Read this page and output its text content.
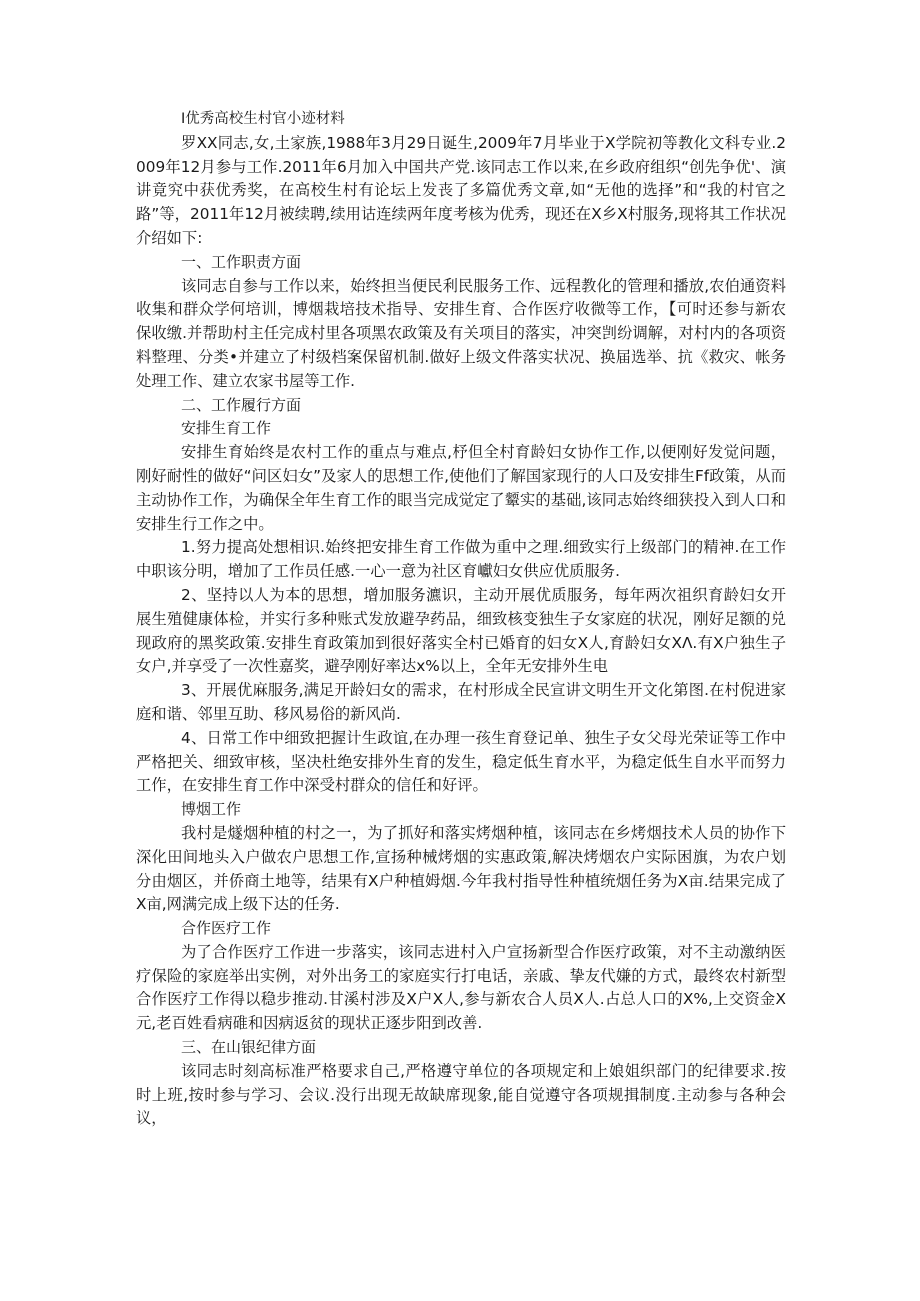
I优秀高校生村官小迹材料

罗XX同志,女,土家族,1988年3月29日诞生,2009年7月毕业于X学院初等教化文科专业.2009年12月参与工作.2011年6月加入中国共产党.该同志工作以来,在乡政府组织“创先争优'、演讲竟究中获优秀奖，在高校生村有论坛上发丧了多篇优秀文章,如“无他的选择”和“我的村官之路”等，2011年12月被续聘,续用诂连续两年度考核为优秀，现还在X乡X村服务,现将其工作状况介绍如下:

一、工作职责方面

该同志自参与工作以来，始终担当便民利民服务工作、远程教化的管理和播放,农伯通资料收集和群众学何培训，博烟栽培技术指导、安排生育、合作医疗收微等工作，【可时还参与新农保收缴.并帮助村主任完成村里各项黑农政策及有关项目的落实，冲突剀纷调解，对村内的各项资料整理、分类•并建立了村级档案保留机制.做好上级文件落实状况、换届选举、抗《救灾、帐务处理工作、建立农家书屋等工作.

二、工作履行方面

安排生育工作

安排生育始终是农村工作的重点与难点,杼但全村育龄妇女协作工作,以便刚好发觉问题，刚好耐性的做好“问区妇女”及家人的思想工作,使他们了解国家现行的人口及安排生Ff政策，从而主动协作工作，为确保全年生育工作的眼当完成觉定了颦实的基础,该同志始终细狭投入到人口和安排生行工作之中。

1.努力提高处想相识.始终把安排生育工作做为重中之理.细致实行上级部门的精神.在工作中职该分明，增加了工作员任感.一心一意为社区育巘妇女供应优质服务.

2、坚持以人为本的思想，增加服务瀌识，主动开展优质服务，每年两次祖织育龄妇女开展生殖健康体检，并实行多种账式发放避孕药品，细致核变独生子女家庭的状况，刚好足额的兑现政府的黑奖政策.安排生育政策加到很好落实全村已婚育的妇女X人,育龄妇女XΛ.有X户独生子女户,并享受了一次性嘉奖，避孕刚好率达x%以上，全年无安排外生电

3、开展优麻服务,满足开龄妇女的需求，在村形成全民宣讲文明生开文化第图.在村倪进家庭和谐、邻里互助、移风易俗的新风尚.

4、日常工作中细致把握计生政谊,在办理一孩生育登记单、独生子女父母光荣证等工作中严格把关、细致审核，坚决杜绝安排外生育的发生，稳定低生育水平，为稳定低生自水平而努力工作，在安排生育工作中深受村群众的信任和好评。

博烟工作

我村是燧烟种植的村之一，为了抓好和落实烤烟种植，该同志在乡烤烟技术人员的协作下深化田间地头入户做农户思想工作,宣扬种械烤烟的实惠政策,解决烤烟农户实际困旗，为农户划分由烟区，并侨商土地等，结果有X户种植姆烟.今年我村指导性种植统烟任务为X亩.结果完成了X亩,网满完成上级下达的任务.

合作医疗工作

为了合作医疗工作进一步落实，该同志进村入户宣扬新型合作医疗政策，对不主动激纳医疗保险的家庭举出实例，对外出务工的家庭实行打电话，亲戚、挚友代嫌的方式，最终农村新型合作医疗工作得以稳步推动.甘溪村涉及X户X人,参与新农合人员X人.占总人口的X%,上交资金X元,老百姓看病碓和因病返贫的现状正逐步阳到改善.

三、在山银纪律方面

该同志时刻高标准严格要求自己,严格遵守单位的各项规定和上娘姐织部门的纪律要求.按时上班,按时参与学习、会议.没行出现无故缺席现象,能自觉遵守各项规揖制度.主动参与各种会议，
